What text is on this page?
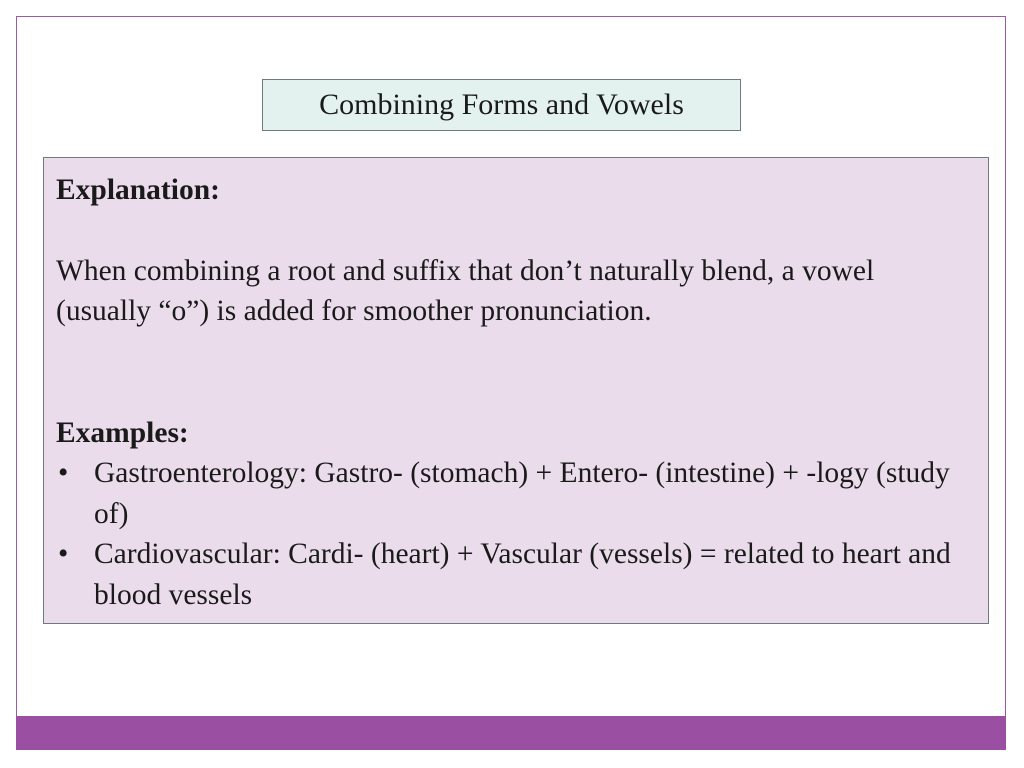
Combining Forms and Vowels

Explanation:

When combining a root and suffix that don’t naturally blend, a vowel (usually “o”) is added for smoother pronunciation.

Examples:

• Gastroenterology: Gastro- (stomach) + Entero- (intestine) + -logy (study of)
• Cardiovascular: Cardi- (heart) + Vascular (vessels) = related to heart and blood vessels
